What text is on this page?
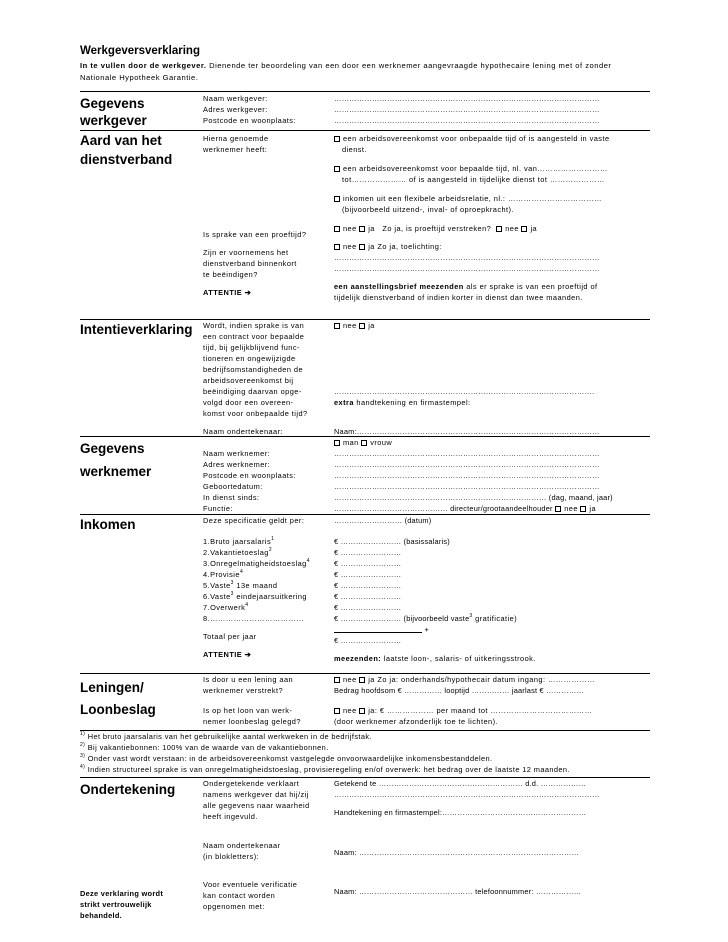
Werkgeversverklaring
In te vullen door de werkgever. Dienende ter beoordeling van een door een werknemer aangevraagde hypothecaire lening met of zonder
Nationale Hypotheek Garantie.
Gegevens
werkgever
Naam werkgever:
Adres werkgever:
Postcode en woonplaats:
……………………………………………………………………………………………
……………………………………………………………………………………………
……………………………………………………………………………………………
Aard van het
dienstverband
Hierna genoemde
werknemer heeft:
Is sprake van een proeftijd?
Zijn er voornemens het
dienstverband binnenkort
te beëindigen?
ATTENTIE ➔
een arbeidsovereenkomst voor onbepaalde tijd of is aangesteld in vaste
dienst.
een arbeidsovereenkomst voor bepaalde tijd, nl. van………………………
tot………………… of is aangesteld in tijdelijke dienst tot …………………
inkomen uit een flexibele arbeidsrelatie, nl.: ………………………………
(bijvoorbeeld uitzend-, inval- of oproepkracht).
nee ja Zo ja, is proeftijd verstreken? nee ja
nee ja Zo ja, toelichting:
……………………………………………………………………………………………
……………………………………………………………………………………………
een aanstellingsbrief meezenden als er sprake is van een proeftijd of
tijdelijk dienstverband of indien korter in dienst dan twee maanden.
Intentieverklaring	Wordt, indien sprake is van
een contract voor bepaalde
tijd, bij gelijkblijvend func-
tioneren en ongewijzigde
bedrijfsomstandigheden de
arbeidsovereenkomst bij
beëindiging daarvan opge-
volgd door een overeen-
komst voor onbepaalde tijd?
Naam ondertekenaar:
nee ja
………………………………………………………………………………………….
extra handtekening en firmastempel:
Naam:……………………………………………………………………………………
Gegevens
werknemer
Naam werknemer:
Adres werknemer:
Postcode en woonplaats:
Geboortedatum:
In dienst sinds:
Functie:
man vrouw
……………………………………………………………………………………………
……………………………………………………………………………………………
……………………………………………………………………………………………
……………………………………………………………………………………………
………………………………………………………………………… (dag, maand, jaar)
……………………………………… directeur/grootaandeelhouder nee ja
Inkomen	Deze specificatie geldt per:
1.Bruto jaarsalaris$^1$
2.Vakantietoeslag$^2$
3.Onregelmatigheidstoeslag$^4$
4.Provisie$^4$
5.Vaste$^3$ 13e maand
6.Vaste$^3$ eindejaarsuitkering
7.Overwerk$^4$
8.………………………………
Totaal per jaar
ATTENTIE ➔
……………………… (datum)
€ …………………… (basissalaris)
€ ……………………
€ ……………………
€ ……………………
€ ……………………
€ ……………………
€ ……………………
€ …………………… (bijvoorbeeld vaste$^3$ gratificatie)
+
€ ……………………
meezenden: laatste loon-, salaris- of uitkeringsstrook.
Leningen/
Loonbeslag
Is door u een lening aan
werknemer verstrekt?
Is op het loon van werk-
nemer loonbeslag gelegd?
nee ja Zo ja: onderhands/hypothecair datum ingang: ………………
Bedrag hoofdsom € …………… looptijd …………… jaarlast € ……………
nee ja: € ……………… per maand tot …………………………………
(door werknemer afzonderlijk toe te lichten).
$^{1)}$ Het bruto jaarsalaris van het gebruikelijke aantal werkweken in de bedrijfstak.
$^{2)}$ Bij vakantiebonnen: 100% van de waarde van de vakantiebonnen.
$^{3)}$ Onder vast wordt verstaan: in de arbeidsovereenkomst vastgelegde onvoorwaardelijke inkomensbestanddelen.
$^{4)}$ Indien structureel sprake is van onregelmatigheidstoeslag, provisieregeling en/of overwerk: het bedrag over de laatste 12 maanden.
Ondertekening
Deze verklaring wordt
strikt vertrouwelijk
behandeld.
Ondergetekende verklaart
namens werkgever dat hij/zij
alle gegevens naar waarheid
heeft ingevuld.
Naam ondertekenaar
(in blokletters):
Voor eventuele verificatie
kan contact worden
opgenomen met:
Getekend te ………………………………………………… d.d. ………………
……………………………………………………………………………………………
Handtekening en firmastempel:…………………………………………………
Naam: ……………………………………………………………………………
Naam: ……………………………………… telefoonnummer: ………………
